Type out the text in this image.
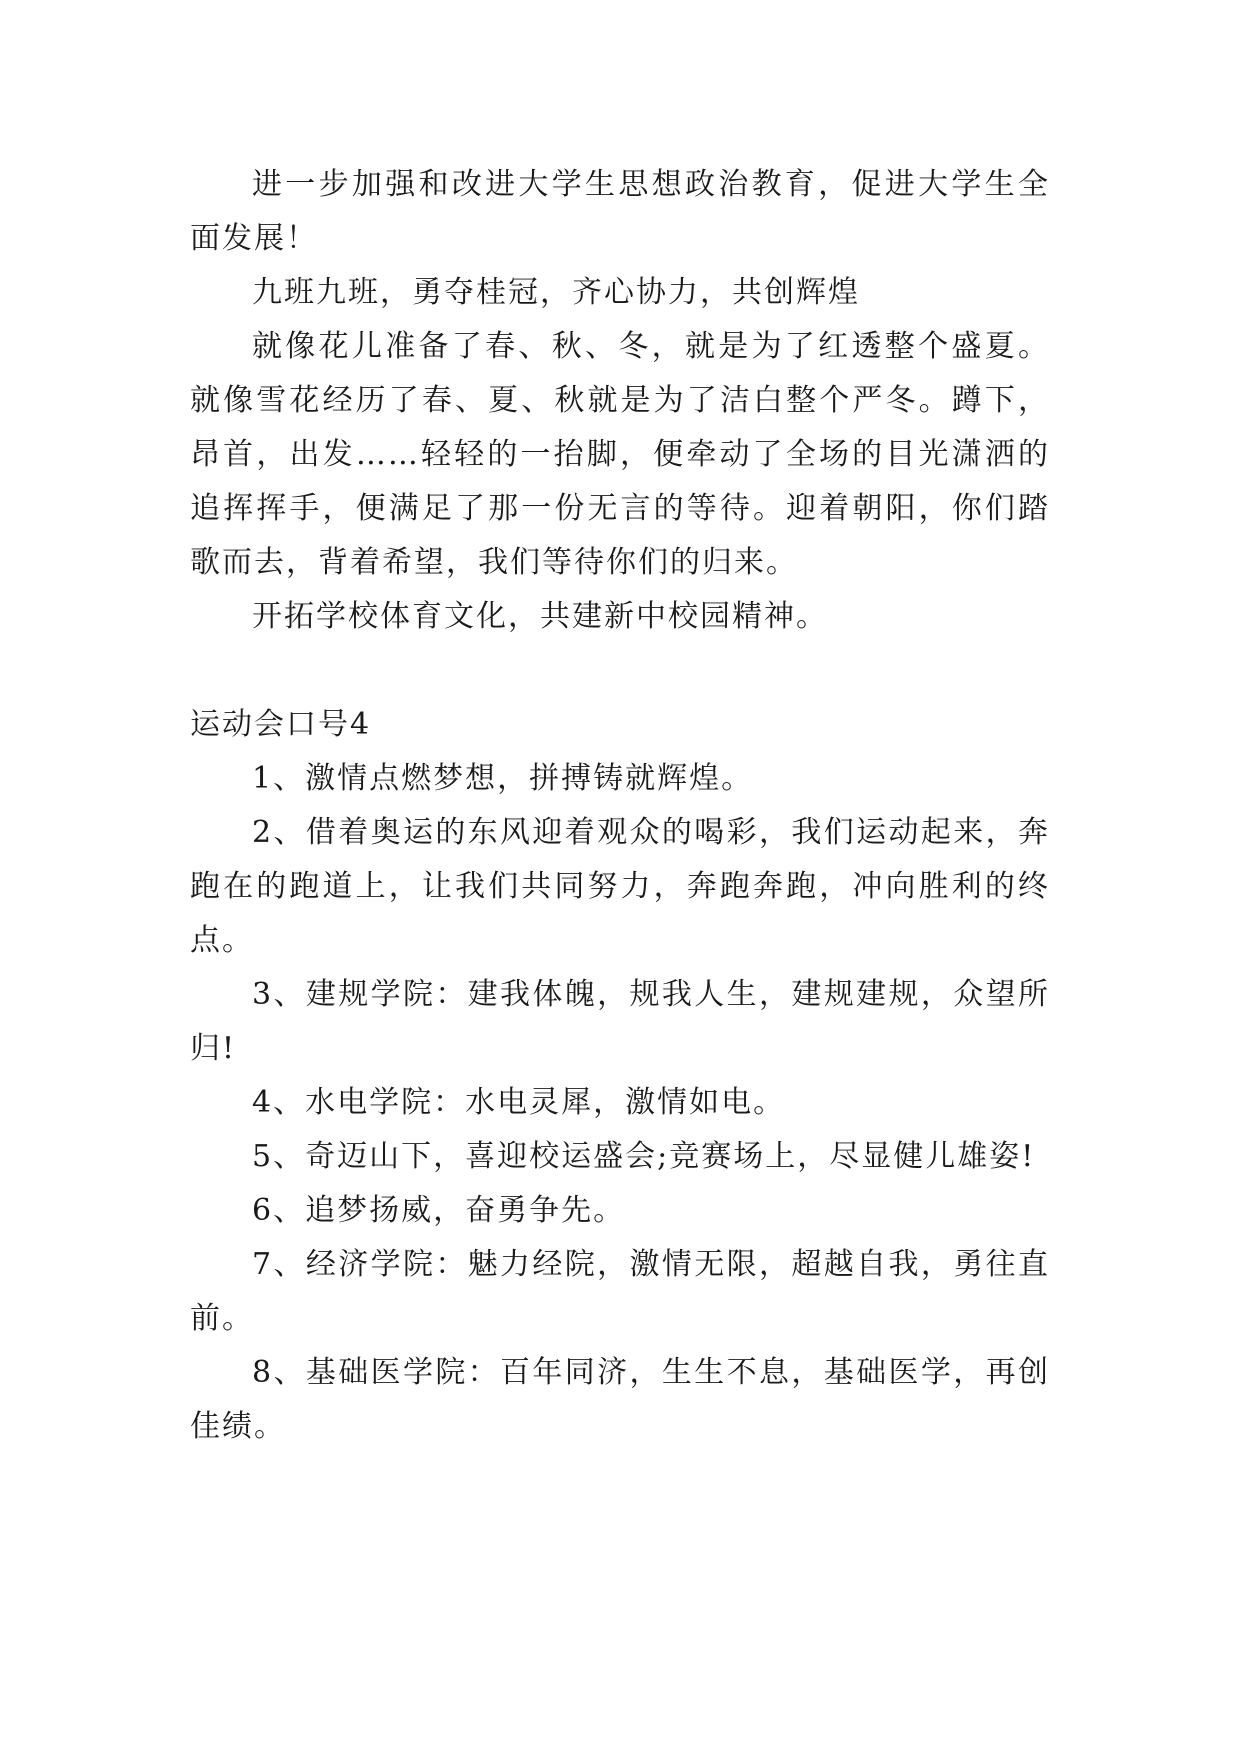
进一步加强和改进大学生思想政治教育，促进大学生全面发展！

九班九班，勇夺桂冠，齐心协力，共创辉煌

就像花儿准备了春、秋、冬，就是为了红透整个盛夏。就像雪花经历了春、夏、秋就是为了洁白整个严冬。蹲下，昂首，出发……轻轻的一抬脚，便牵动了全场的目光潇洒的追挥挥手，便满足了那一份无言的等待。迎着朝阳，你们踏歌而去，背着希望，我们等待你们的归来。

开拓学校体育文化，共建新中校园精神。

运动会口号4

1、激情点燃梦想，拼搏铸就辉煌。

2、借着奥运的东风迎着观众的喝彩，我们运动起来，奔跑在的跑道上，让我们共同努力，奔跑奔跑，冲向胜利的终点。

3、建规学院：建我体魄，规我人生，建规建规，众望所归!

4、水电学院：水电灵犀，激情如电。

5、奇迈山下，喜迎校运盛会;竞赛场上，尽显健儿雄姿!

6、追梦扬威，奋勇争先。

7、经济学院：魅力经院，激情无限，超越自我，勇往直前。

8、基础医学院：百年同济，生生不息，基础医学，再创佳绩。
